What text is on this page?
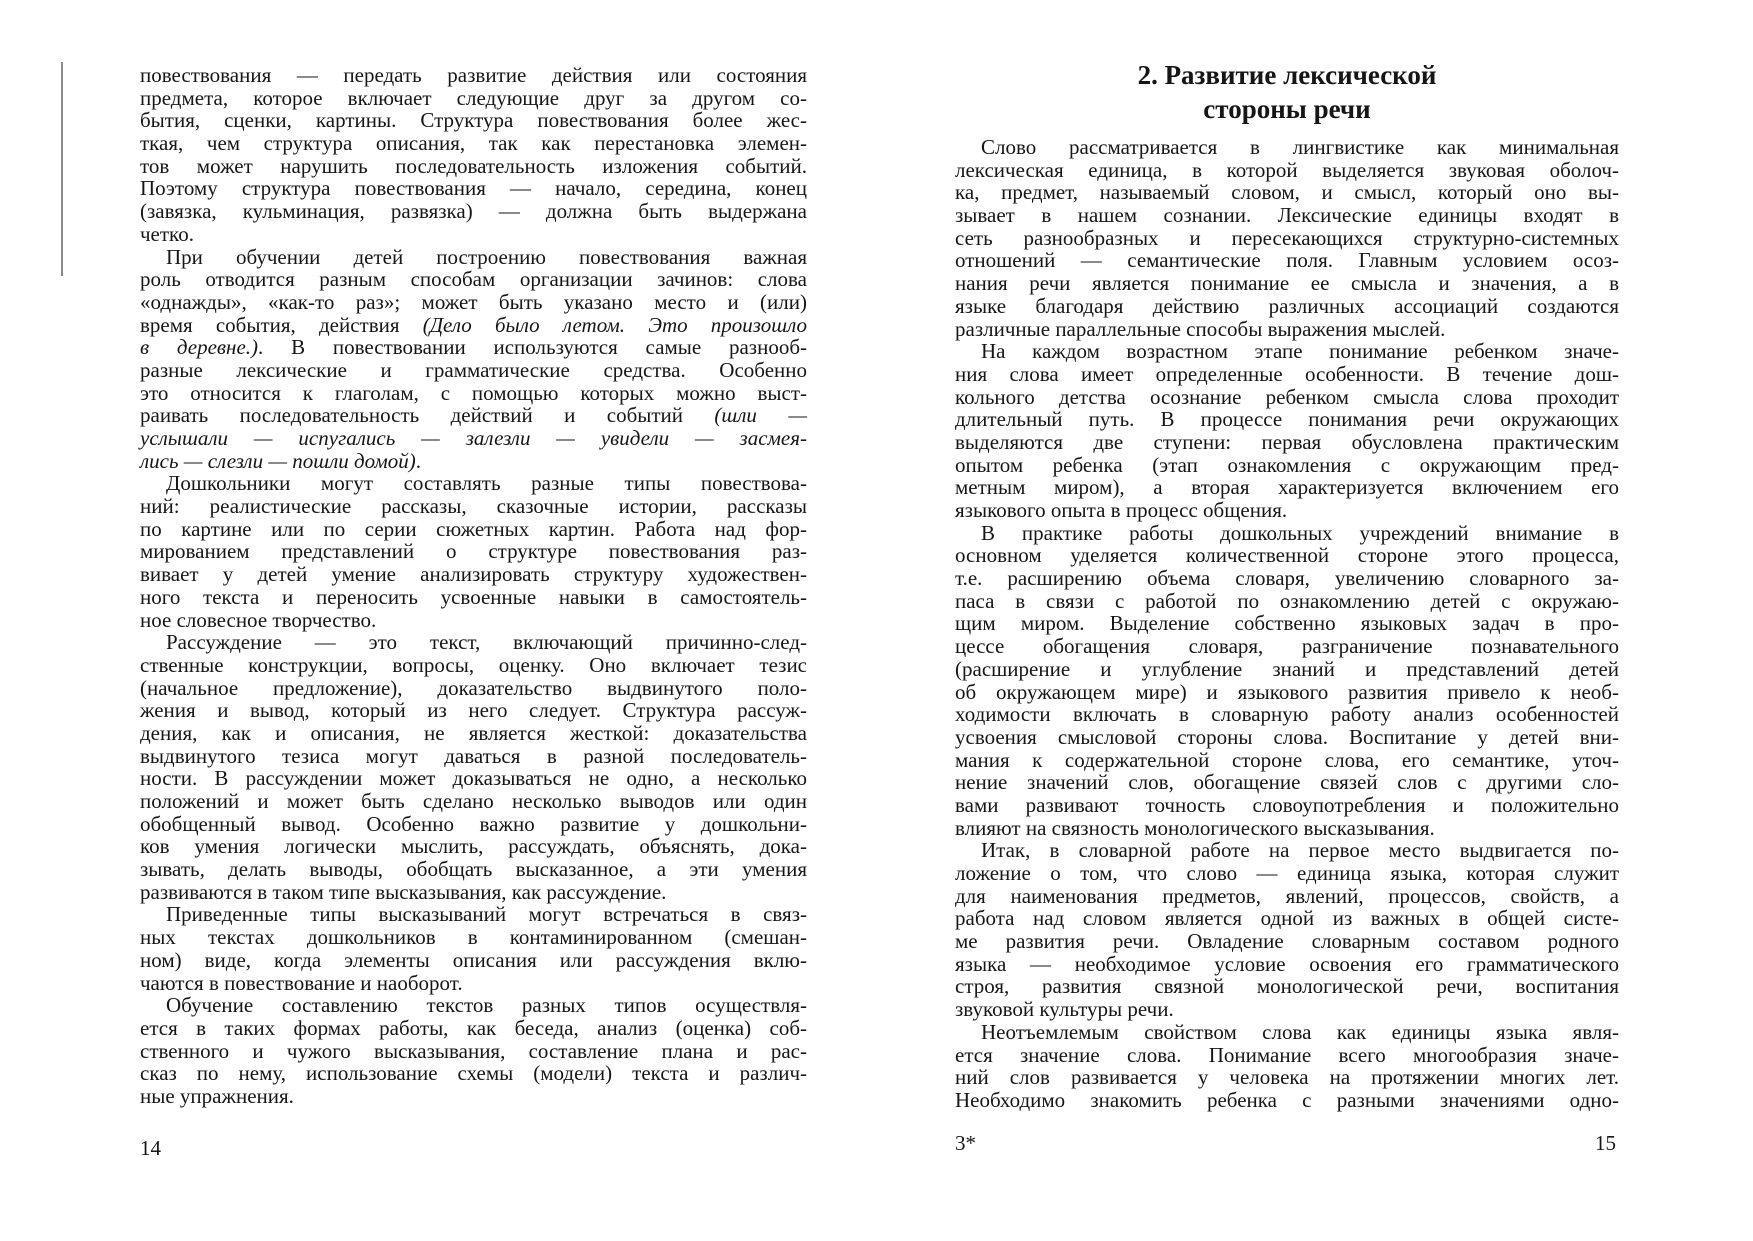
повествования — передать развитие действия или состояния
предмета, которое включает следующие друг за другом со-
бытия, сценки, картины. Структура повествования более жес-
ткая, чем структура описания, так как перестановка элемен-
тов может нарушить последовательность изложения событий.
Поэтому структура повествования — начало, середина, конец
(завязка, кульминация, развязка) — должна быть выдержана
четко.
При обучении детей построению повествования важная
роль отводится разным способам организации зачинов: слова
«однажды», «как-то раз»; может быть указано место и (или)
время события, действия (Дело было летом. Это произошло
в деревне.). В повествовании используются самые разнооб-
разные лексические и грамматические средства. Особенно
это относится к глаголам, с помощью которых можно выст-
раивать последовательность действий и событий (шли —
услышали — испугались — залезли — увидели — засмея-
лись — слезли — пошли домой).
Дошкольники могут составлять разные типы повествова-
ний: реалистические рассказы, сказочные истории, рассказы
по картине или по серии сюжетных картин. Работа над фор-
мированием представлений о структуре повествования раз-
вивает у детей умение анализировать структуру художествен-
ного текста и переносить усвоенные навыки в самостоятель-
ное словесное творчество.
Рассуждение — это текст, включающий причинно-след-
ственные конструкции, вопросы, оценку. Оно включает тезис
(начальное предложение), доказательство выдвинутого поло-
жения и вывод, который из него следует. Структура рассуж-
дения, как и описания, не является жесткой: доказательства
выдвинутого тезиса могут даваться в разной последователь-
ности. В рассуждении может доказываться не одно, а несколько
положений и может быть сделано несколько выводов или один
обобщенный вывод. Особенно важно развитие у дошкольни-
ков умения логически мыслить, рассуждать, объяснять, дока-
зывать, делать выводы, обобщать высказанное, а эти умения
развиваются в таком типе высказывания, как рассуждение.
Приведенные типы высказываний могут встречаться в связ-
ных текстах дошкольников в контаминированном (смешан-
ном) виде, когда элементы описания или рассуждения вклю-
чаются в повествование и наоборот.
Обучение составлению текстов разных типов осуществля-
ется в таких формах работы, как беседа, анализ (оценка) соб-
ственного и чужого высказывания, составление плана и рас-
сказ по нему, использование схемы (модели) текста и различ-
ные упражнения.
2. Развитие лексической
стороны речи
Слово рассматривается в лингвистике как минимальная
лексическая единица, в которой выделяется звуковая оболоч-
ка, предмет, называемый словом, и смысл, который оно вы-
зывает в нашем сознании. Лексические единицы входят в
сеть разнообразных и пересекающихся структурно-системных
отношений — семантические поля. Главным условием осоз-
нания речи является понимание ее смысла и значения, а в
языке благодаря действию различных ассоциаций создаются
различные параллельные способы выражения мыслей.
На каждом возрастном этапе понимание ребенком значе-
ния слова имеет определенные особенности. В течение дош-
кольного детства осознание ребенком смысла слова проходит
длительный путь. В процессе понимания речи окружающих
выделяются две ступени: первая обусловлена практическим
опытом ребенка (этап ознакомления с окружающим пред-
метным миром), а вторая характеризуется включением его
языкового опыта в процесс общения.
В практике работы дошкольных учреждений внимание в
основном уделяется количественной стороне этого процесса,
т.е. расширению объема словаря, увеличению словарного за-
паса в связи с работой по ознакомлению детей с окружаю-
щим миром. Выделение собственно языковых задач в про-
цессе обогащения словаря, разграничение познавательного
(расширение и углубление знаний и представлений детей
об окружающем мире) и языкового развития привело к необ-
ходимости включать в словарную работу анализ особенностей
усвоения смысловой стороны слова. Воспитание у детей вни-
мания к содержательной стороне слова, его семантике, уточ-
нение значений слов, обогащение связей слов с другими сло-
вами развивают точность словоупотребления и положительно
влияют на связность монологического высказывания.
Итак, в словарной работе на первое место выдвигается по-
ложение о том, что слово — единица языка, которая служит
для наименования предметов, явлений, процессов, свойств, а
работа над словом является одной из важных в общей систе-
ме развития речи. Овладение словарным составом родного
языка — необходимое условие освоения его грамматического
строя, развития связной монологической речи, воспитания
звуковой культуры речи.
Неотъемлемым свойством слова как единицы языка явля-
ется значение слова. Понимание всего многообразия значе-
ний слов развивается у человека на протяжении многих лет.
Необходимо знакомить ребенка с разными значениями одно-
14	3*	15
